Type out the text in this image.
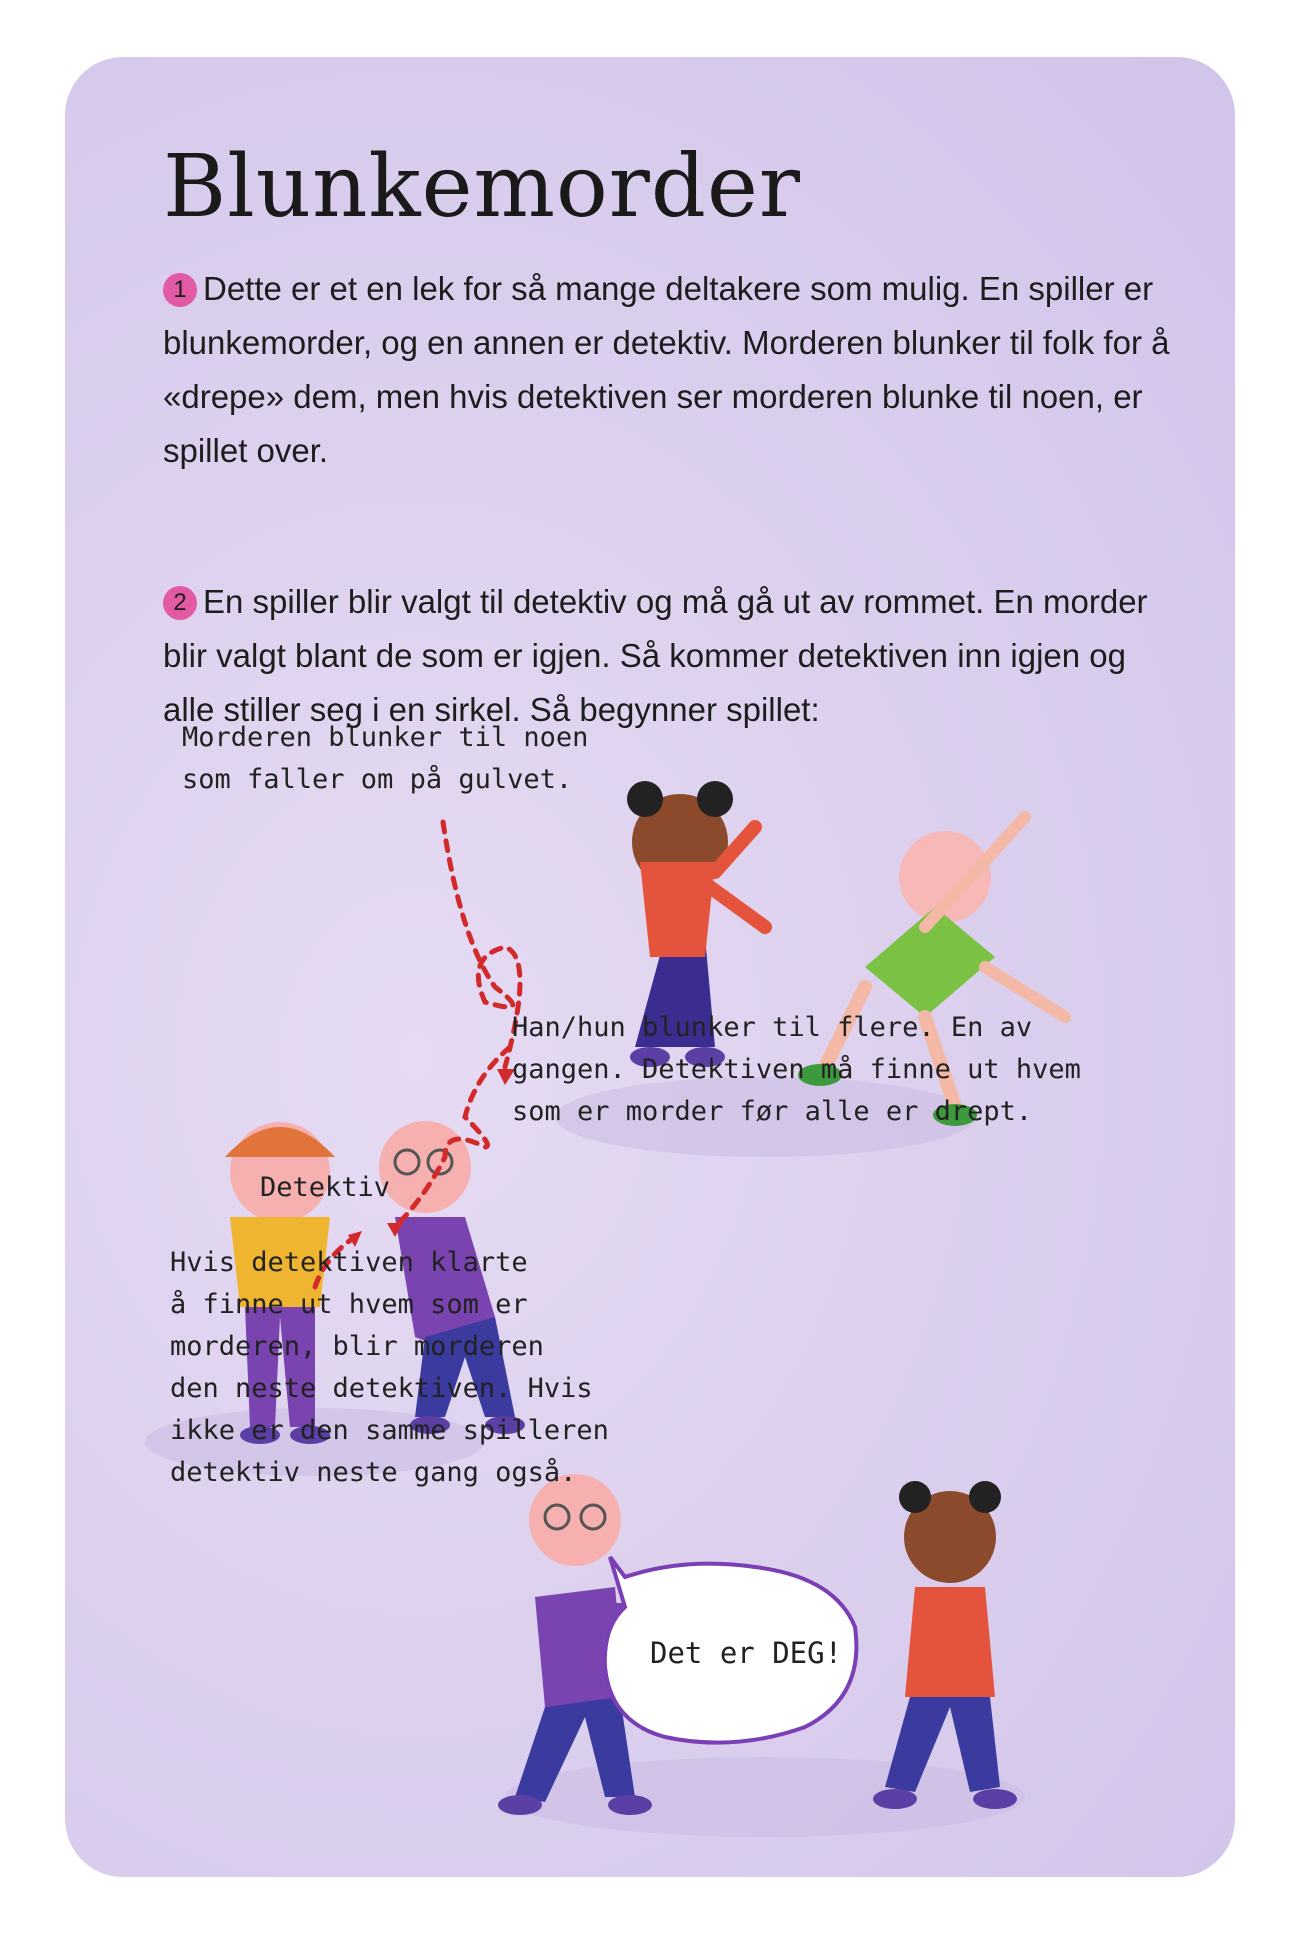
Blunkemorder
1 Dette er et en lek for så mange deltakere som mulig. En spiller er blunkemorder, og en annen er detektiv. Morderen blunker til folk for å «drepe» dem, men hvis detektiven ser morderen blunke til noen, er spillet over.
2 En spiller blir valgt til detektiv og må gå ut av rommet. En morder blir valgt blant de som er igjen. Så kommer detektiven inn igjen og alle stiller seg i en sirkel. Så begynner spillet:
Morderen blunker til noen
som faller om på gulvet.
Han/hun blunker til flere. En av
gangen. Detektiven må finne ut hvem
som er morder før alle er drept.
Detektiv
Hvis detektiven klarte
å finne ut hvem som er
morderen, blir morderen
den neste detektiven. Hvis
ikke er den samme spilleren
detektiv neste gang også.
Det er DEG!
